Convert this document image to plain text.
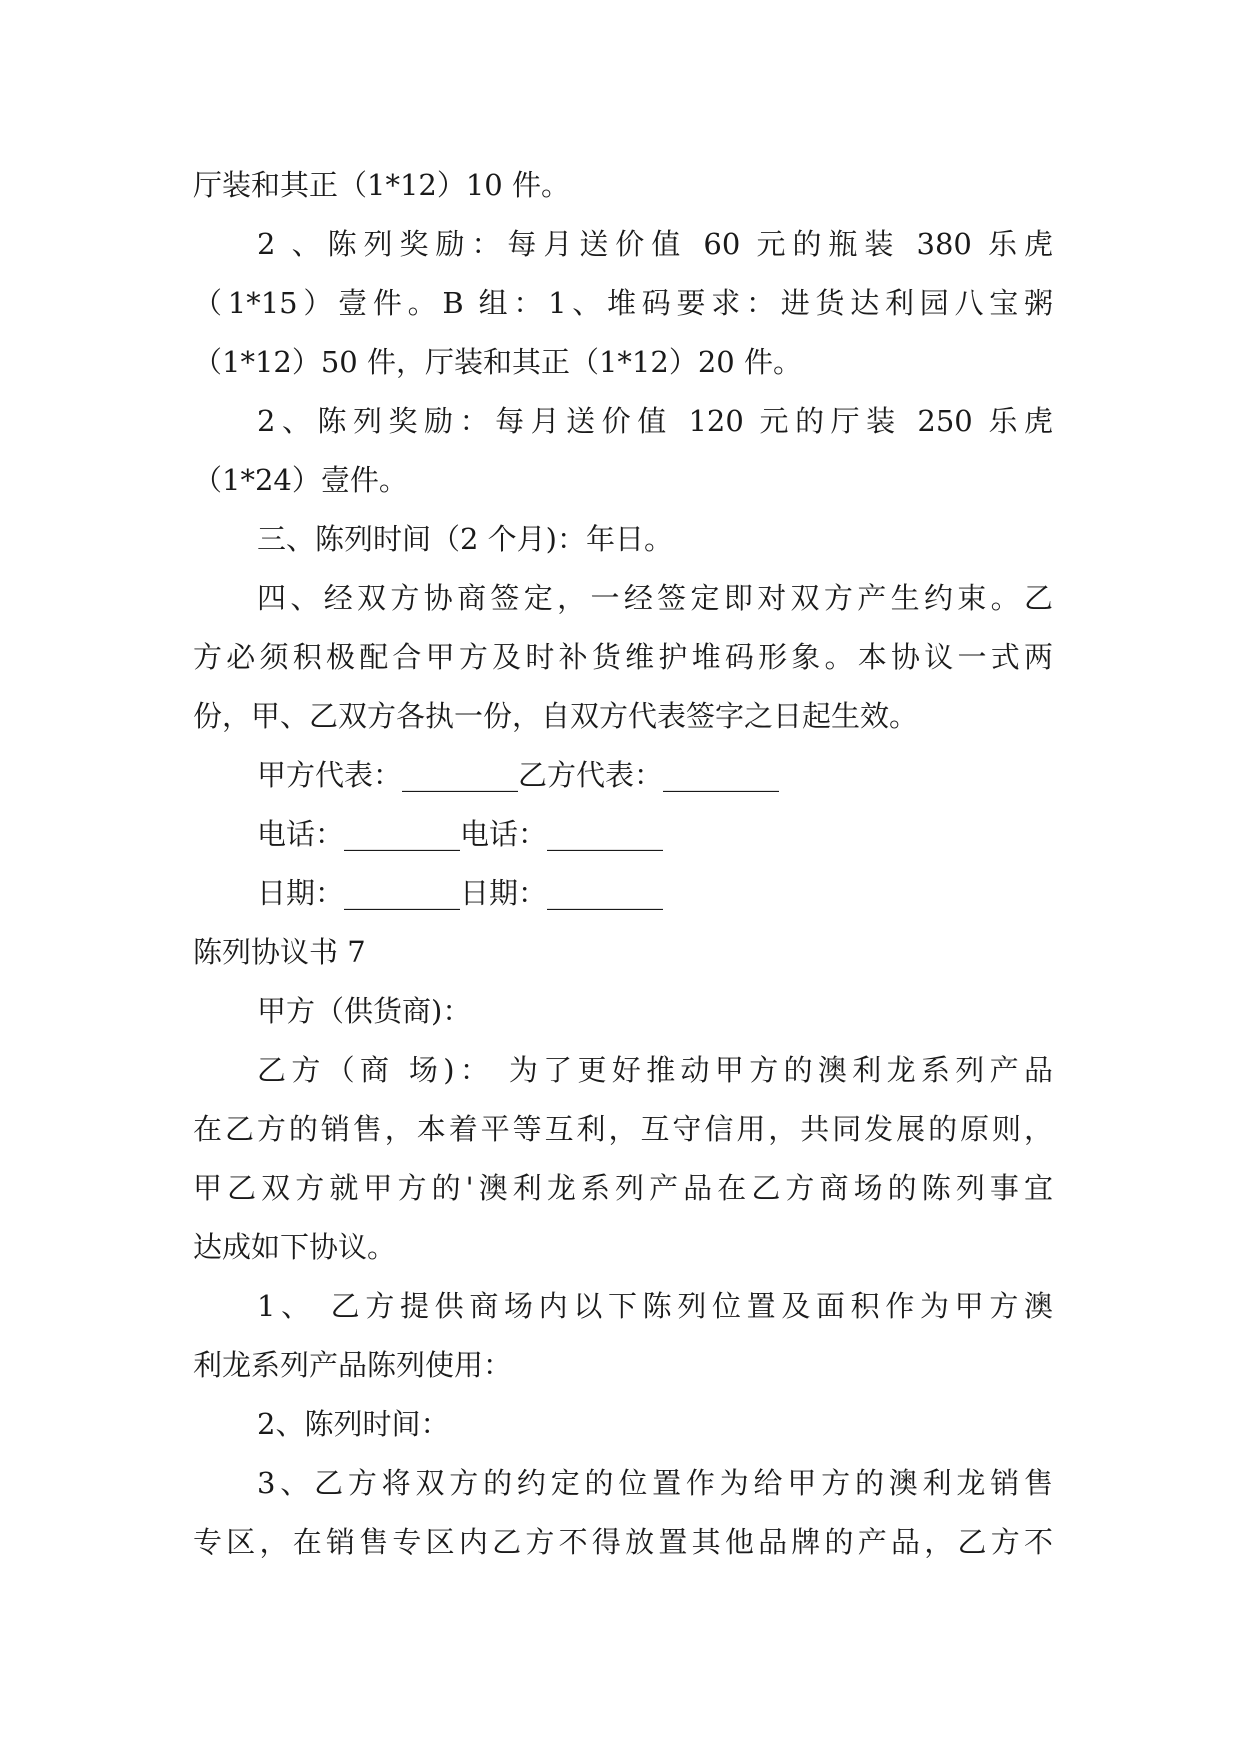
厅装和其正（1*12）10 件。
2 、陈列奖励：每月送价值 60 元的瓶装 380 乐虎
（1*15）壹件。B 组：1、堆码要求：进货达利园八宝粥
（1*12）50 件，厅装和其正（1*12）20 件。
2、陈列奖励：每月送价值 120 元的厅装 250 乐虎
（1*24）壹件。
三、陈列时间（2 个月)：年日。
四、经双方协商签定，一经签定即对双方产生约束。乙
方必须积极配合甲方及时补货维护堆码形象。本协议一式两
份，甲、乙双方各执一份，自双方代表签字之日起生效。
甲方代表：________乙方代表：________
电话：________电话：________
日期：________日期：________
陈列协议书 7
甲方（供货商)：
乙方（商 场)： 为了更好推动甲方的澳利龙系列产品
在乙方的销售，本着平等互利，互守信用，共同发展的原则，
甲乙双方就甲方的'澳利龙系列产品在乙方商场的陈列事宜
达成如下协议。
1、 乙方提供商场内以下陈列位置及面积作为甲方澳
利龙系列产品陈列使用：
2、陈列时间：
3、乙方将双方的约定的位置作为给甲方的澳利龙销售
专区，在销售专区内乙方不得放置其他品牌的产品，乙方不
